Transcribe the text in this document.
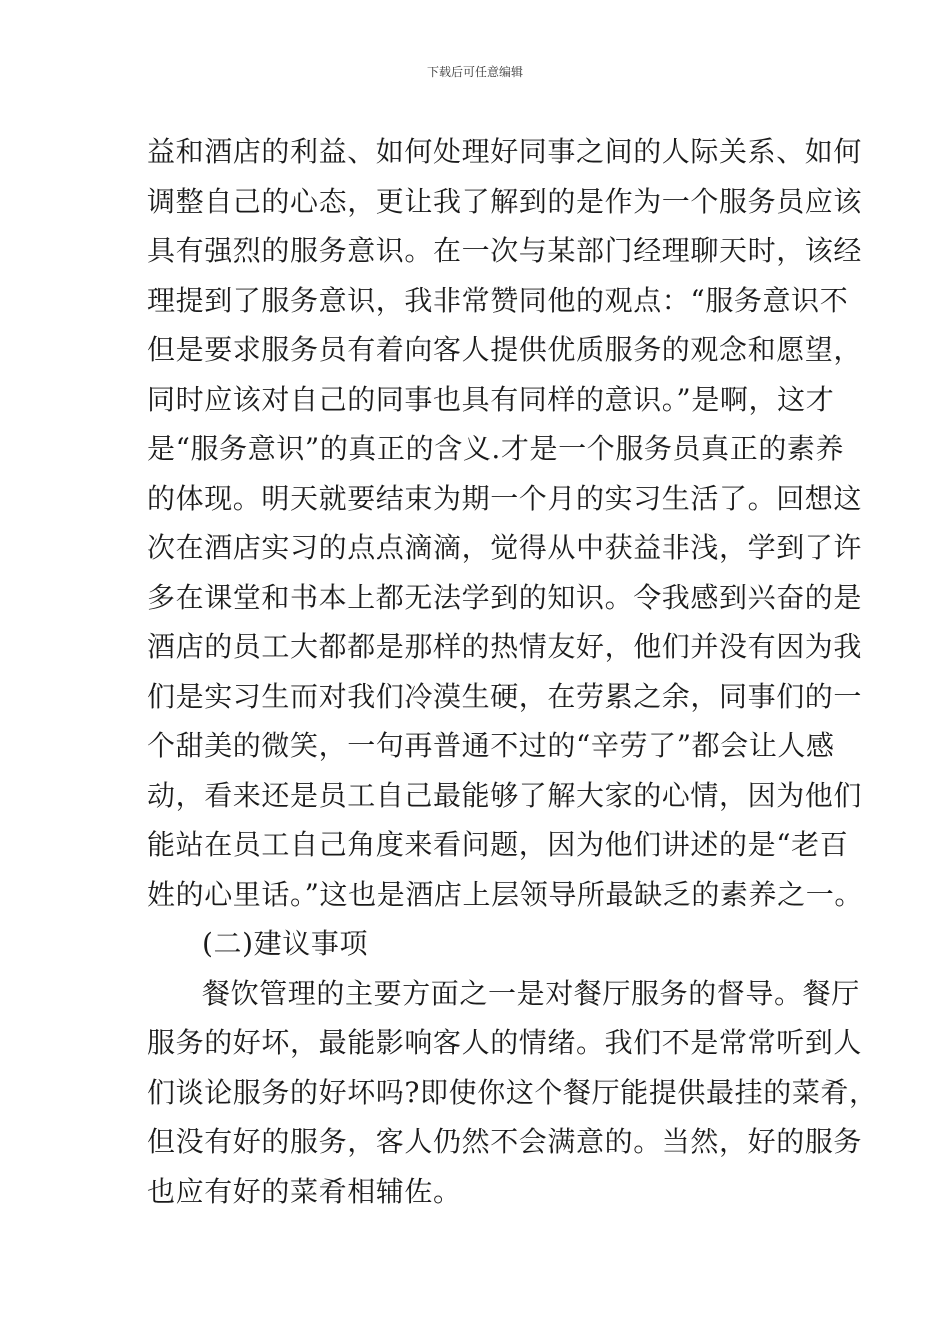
下载后可任意编辑
益和酒店的利益、如何处理好同事之间的人际关系、如何
调整自己的心态，更让我了解到的是作为一个服务员应该
具有强烈的服务意识。在一次与某部门经理聊天时，该经
理提到了服务意识，我非常赞同他的观点：“服务意识不
但是要求服务员有着向客人提供优质服务的观念和愿望，
同时应该对自己的同事也具有同样的意识。”是啊，这才
是“服务意识”的真正的含义.才是一个服务员真正的素养
的体现。明天就要结束为期一个月的实习生活了。回想这
次在酒店实习的点点滴滴，觉得从中获益非浅，学到了许
多在课堂和书本上都无法学到的知识。令我感到兴奋的是
酒店的员工大都都是那样的热情友好，他们并没有因为我
们是实习生而对我们冷漠生硬，在劳累之余，同事们的一
个甜美的微笑，一句再普通不过的“辛劳了”都会让人感
动，看来还是员工自己最能够了解大家的心情，因为他们
能站在员工自己角度来看问题，因为他们讲述的是“老百
姓的心里话。”这也是酒店上层领导所最缺乏的素养之一。
(二)建议事项
餐饮管理的主要方面之一是对餐厅服务的督导。餐厅
服务的好坏，最能影响客人的情绪。我们不是常常听到人
们谈论服务的好坏吗?即使你这个餐厅能提供最挂的菜肴，
但没有好的服务，客人仍然不会满意的。当然，好的服务
也应有好的菜肴相辅佐。
